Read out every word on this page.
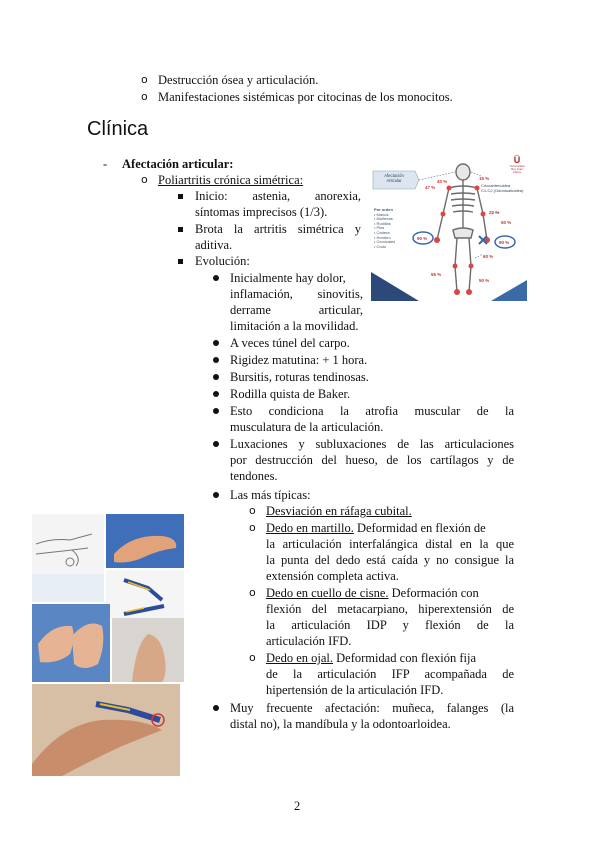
o Destrucción ósea y articulación.
o Manifestaciones sistémicas por citocinas de los monocitos.
Clínica
- Afectación articular:
o Poliartritis crónica simétrica:
Inicio: astenia, anorexia,
síntomas imprecisos (1/3).
Brota la artritis simétrica y
aditiva.
Evolución:
Inicialmente hay dolor,
inflamación, sinovitis,
derrame articular,
limitación a la movilidad.
A veces túnel del carpo.
Rigidez matutina: + 1 hora.
Bursitis, roturas tendinosas.
Rodilla quista de Baker.
Esto condiciona la atrofia muscular de la
musculatura de la articulación.
Luxaciones y subluxaciones de las articulaciones
por destrucción del hueso, de los cartílagos y de
tendones.
Las más típicas:
o Desviación en ráfaga cubital.
o Dedo en martillo. Deformidad en flexión de
la articulación interfalángica distal en la que
la punta del dedo está caída y no consigue la
extensión completa activa.
o Dedo en cuello de cisne. Deformación con
flexión del metacarpiano, hiperextensión de
la articulación IDP y flexión de la
articulación IFD.
o Dedo en ojal. Deformidad con flexión fija
de la articulación IFP acompañada de
hipertensión de la articulación IFD.
Muy frecuente afectación: muñeca, falanges (la
distal no), la mandíbula y la odontoarloidea.
Afectación
Articular
Ü
Universidad
Rey Juan Carlos
Por orden
• Manos
• Muñecas
• Rodillas
• Pies
• Cadera
• Hombro
• Cervicales
• Codo
Cricoaritenoidea
C1-C2 (Odontoatloidea)
40 %
15 %
47 %
20 %
50 %
90 %
90 %
60 %
55 %
50 %
2
